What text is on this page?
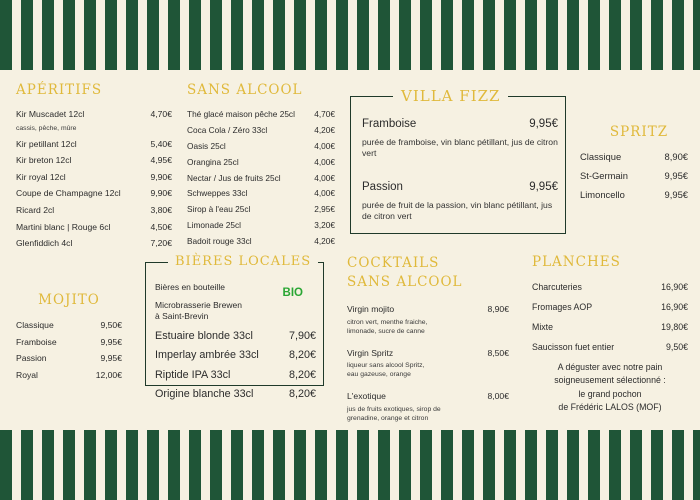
APÉRITIFS
Kir Muscadet 12cl	4,70€
cassis, pêche, mûre
Kir petillant 12cl	5,40€
Kir breton 12cl	4,95€
Kir royal 12cl	9,90€
Coupe de Champagne 12cl	9,90€
Ricard 2cl	3,80€
Martini blanc | Rouge 6cl	4,50€
Glenfiddich 4cl	7,20€
SANS ALCOOL
Thé glacé maison pêche 25cl 4,70€
Coca Cola / Zéro 33cl	4,20€
Oasis 25cl	4,00€
Orangina 25cl	4,00€
Nectar / Jus de fruits 25cl	4,00€
Schweppes 33cl	4,00€
Sirop à l'eau 25cl	2,95€
Limonade 25cl	3,20€
Badoit rouge 33cl	4,20€
VILLA FIZZ
Framboise	9,95€
purée de framboise, vin blanc pétillant, jus de citron vert
Passion	9,95€
purée de fruit de la passion, vin blanc pétillant, jus de citron vert
SPRITZ
Classique	8,90€
St-Germain	9,95€
Limoncello	9,95€
MOJITO
Classique	9,50€
Framboise	9,95€
Passion	9,95€
Royal	12,00€
BIÈRES LOCALES
Bières en bouteille
Microbrasserie Brewen
à Saint-Brevin
BIO
Estuaire blonde 33cl	7,90€
Imperlay ambrée 33cl	8,20€
Riptide IPA 33cl	8,20€
Origine blanche 33cl	8,20€
COCKTAILS
SANS ALCOOL
Virgin mojito	8,90€
citron vert, menthe fraiche,
limonade, sucre de canne
Virgin Spritz	8,50€
liqueur sans alcool Spritz,
eau gazeuse, orange
L'exotique	8,00€
jus de fruits exotiques, sirop de
grenadine, orange et citron
PLANCHES
Charcuteries	16,90€
Fromages AOP	16,90€
Mixte	19,80€
Saucisson fuet entier	9,50€
A déguster avec notre pain
soigneusement sélectionné :
le grand pochon
de Frédéric LALOS (MOF)
